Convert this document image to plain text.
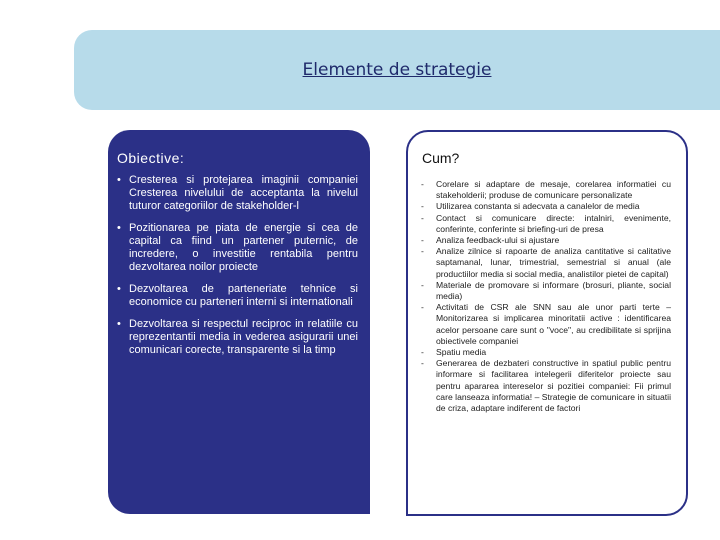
Elemente de strategie
Obiective:
• Cresterea si protejarea imaginii companiei Cresterea nivelului de acceptanta la nivelul tuturor categoriilor de stakeholder-l
• Pozitionarea pe piata de energie si cea de capital ca fiind un partener puternic, de incredere, o investitie rentabila pentru dezvoltarea noilor proiecte
• Dezvoltarea de parteneriate tehnice si economice cu parteneri interni si internationali
• Dezvoltarea si respectul reciproc in relatiile cu reprezentantii media in vederea asigurarii unei comunicari corecte, transparente si la timp
Cum?
- Corelare si adaptare de mesaje, corelarea informatiei cu stakeholderii; produse de comunicare personalizate
- Utilizarea constanta si adecvata a canalelor de media
- Contact si comunicare directe: intalniri, evenimente, conferinte, conferinte si briefing-uri de presa
- Analiza feedback-ului si ajustare
- Analize zilnice si rapoarte de analiza cantitative si calitative saptamanal, lunar, trimestrial, semestrial si anual (ale productiilor media si social media, analistilor pietei de capital)
- Materiale de promovare si informare (brosuri, pliante, social media)
- Activitati de CSR ale SNN sau ale unor parti terte – Monitorizarea si implicarea minoritatii active : identificarea acelor persoane care sunt o "voce", au credibilitate si sprijina obiectivele companiei
- Spatiu media
- Generarea de dezbateri constructive in spatiul public pentru informare si facilitarea intelegerii diferitelor proiecte sau pentru apararea intereselor si pozitiei companiei: Fii primul care lanseaza informatia! – Strategie de comunicare in situatii de criza, adaptare indiferent de factori
